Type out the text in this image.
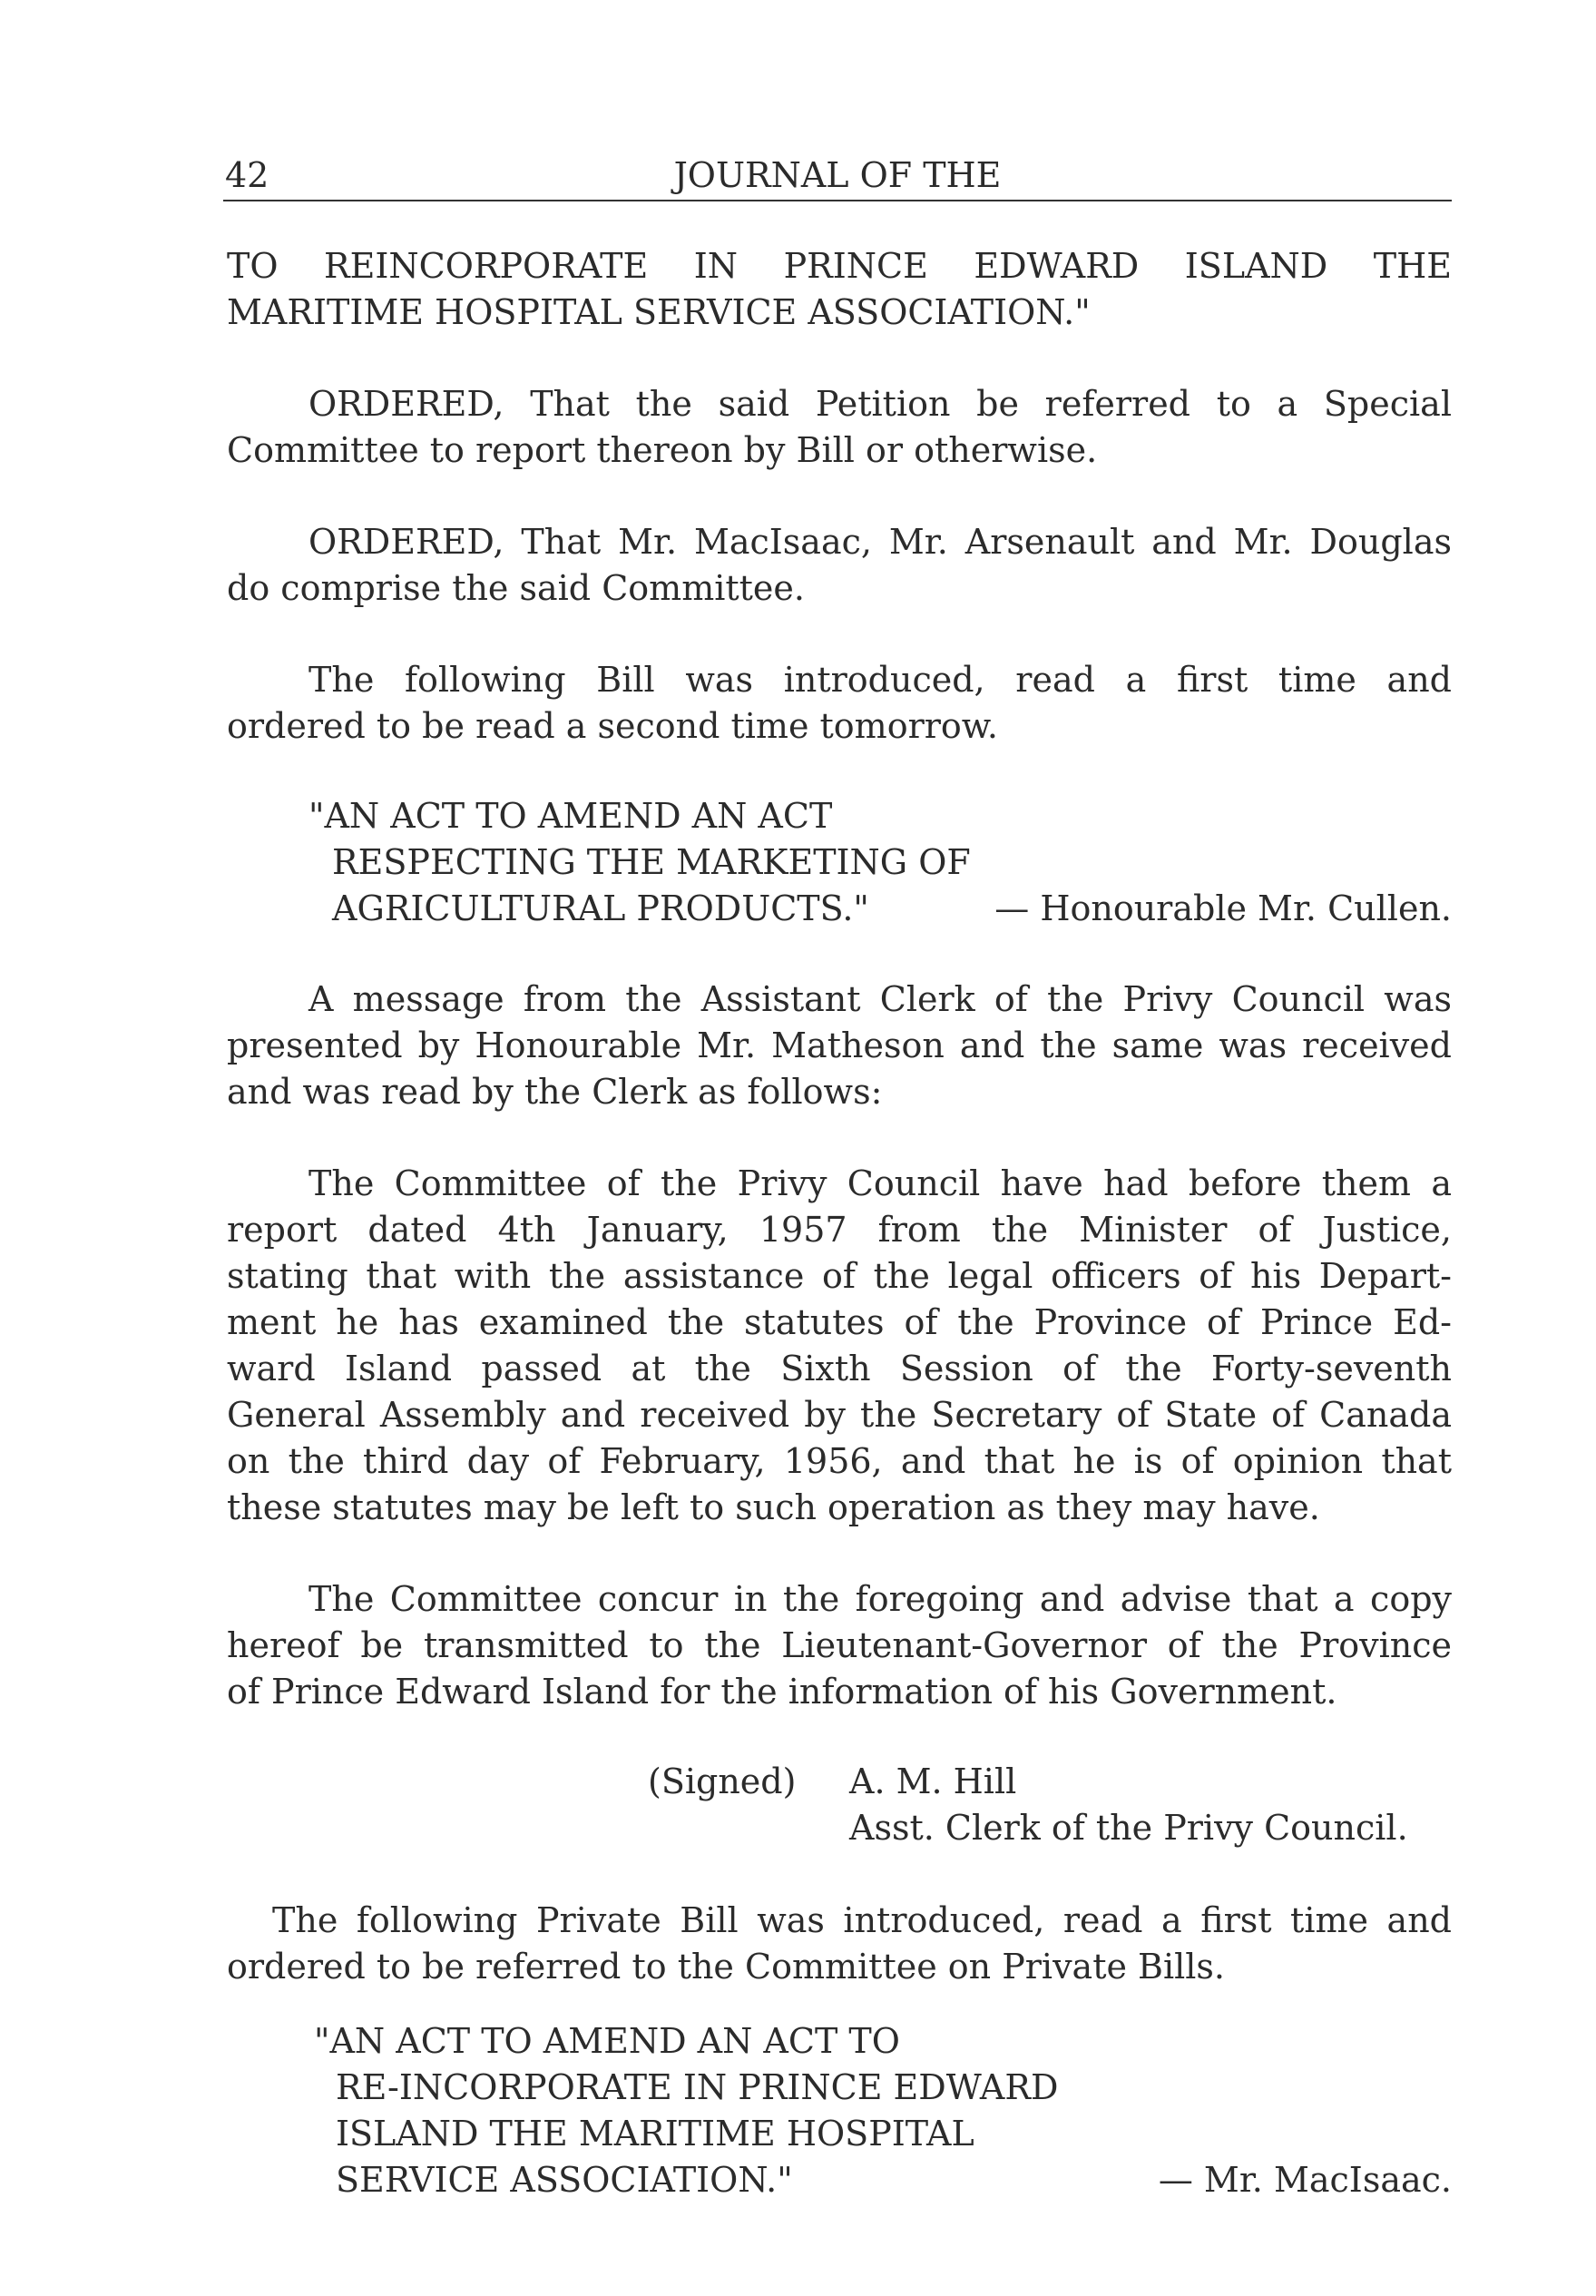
42	JOURNAL OF THE
TO REINCORPORATE IN PRINCE EDWARD ISLAND THE
MARITIME HOSPITAL SERVICE ASSOCIATION."
ORDERED, That the said Petition be referred to a Special
Committee to report thereon by Bill or otherwise.
ORDERED, That Mr. MacIsaac, Mr. Arsenault and Mr. Douglas
do comprise the said Committee.
The following Bill was introduced, read a first time and
ordered to be read a second time tomorrow.
"AN ACT TO AMEND AN ACT
RESPECTING THE MARKETING OF
AGRICULTURAL PRODUCTS."	— Honourable Mr. Cullen.
A message from the Assistant Clerk of the Privy Council was
presented by Honourable Mr. Matheson and the same was received
and was read by the Clerk as follows:
The Committee of the Privy Council have had before them a
report dated 4th January, 1957 from the Minister of Justice,
stating that with the assistance of the legal officers of his Depart-
ment he has examined the statutes of the Province of Prince Ed-
ward Island passed at the Sixth Session of the Forty-seventh
General Assembly and received by the Secretary of State of Canada
on the third day of February, 1956, and that he is of opinion that
these statutes may be left to such operation as they may have.
The Committee concur in the foregoing and advise that a copy
hereof be transmitted to the Lieutenant-Governor of the Province
of Prince Edward Island for the information of his Government.
(Signed) A. M. Hill
Asst. Clerk of the Privy Council.
The following Private Bill was introduced, read a first time and
ordered to be referred to the Committee on Private Bills.
"AN ACT TO AMEND AN ACT TO
RE-INCORPORATE IN PRINCE EDWARD
ISLAND THE MARITIME HOSPITAL
SERVICE ASSOCIATION."	— Mr. MacIsaac.
